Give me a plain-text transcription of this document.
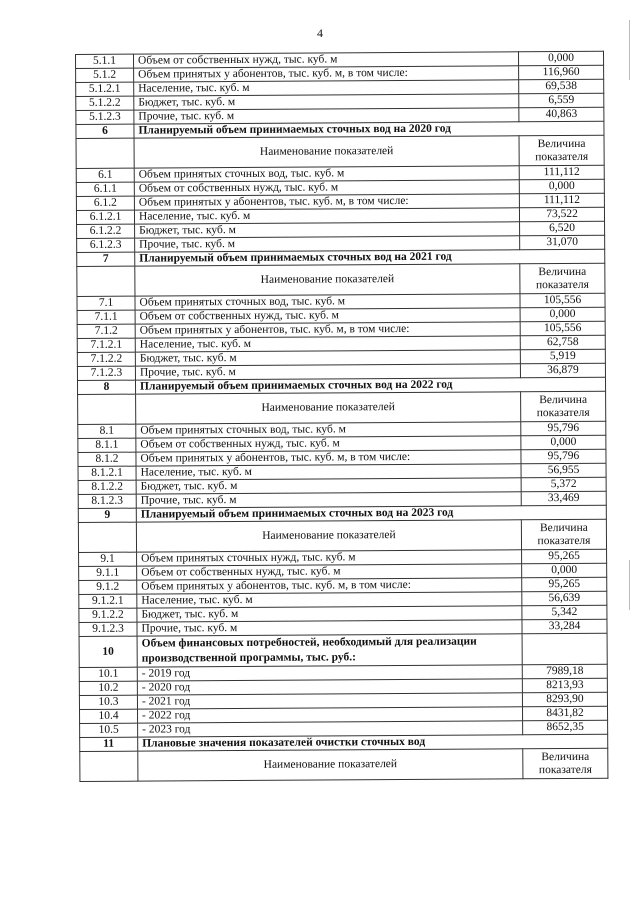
4
5.1.1	Объем от собственных нужд, тыс. куб. м	0,000
5.1.2	Объем принятых у абонентов, тыс. куб. м, в том числе:	116,960
5.1.2.1	Население, тыс. куб. м	69,538
5.1.2.2	Бюджет, тыс. куб. м	6,559
5.1.2.3	Прочие, тыс. куб. м	40,863
6	Планируемый объем принимаемых сточных вод на 2020 год	
	Наименование показателей	Величина показателя
6.1	Объем принятых сточных вод, тыс. куб. м	111,112
6.1.1	Объем от собственных нужд, тыс. куб. м	0,000
6.1.2	Объем принятых у абонентов, тыс. куб. м, в том числе:	111,112
6.1.2.1	Население, тыс. куб. м	73,522
6.1.2.2	Бюджет, тыс. куб. м	6,520
6.1.2.3	Прочие, тыс. куб. м	31,070
7	Планируемый объем принимаемых сточных вод на 2021 год	
	Наименование показателей	Величина показателя
7.1	Объем принятых сточных вод, тыс. куб. м	105,556
7.1.1	Объем от собственных нужд, тыс. куб. м	0,000
7.1.2	Объем принятых у абонентов, тыс. куб. м, в том числе:	105,556
7.1.2.1	Население, тыс. куб. м	62,758
7.1.2.2	Бюджет, тыс. куб. м	5,919
7.1.2.3	Прочие, тыс. куб. м	36,879
8	Планируемый объем принимаемых сточных вод на 2022 год	
	Наименование показателей	Величина показателя
8.1	Объем принятых сточных вод, тыс. куб. м	95,796
8.1.1	Объем от собственных нужд, тыс. куб. м	0,000
8.1.2	Объем принятых у абонентов, тыс. куб. м, в том числе:	95,796
8.1.2.1	Население, тыс. куб. м	56,955
8.1.2.2	Бюджет, тыс. куб. м	5,372
8.1.2.3	Прочие, тыс. куб. м	33,469
9	Планируемый объем принимаемых сточных вод на 2023 год	
	Наименование показателей	Величина показателя
9.1	Объем принятых сточных нужд, тыс. куб. м	95,265
9.1.1	Объем от собственных нужд, тыс. куб. м	0,000
9.1.2	Объем принятых у абонентов, тыс. куб. м, в том числе:	95,265
9.1.2.1	Население, тыс. куб. м	56,639
9.1.2.2	Бюджет, тыс. куб. м	5,342
9.1.2.3	Прочие, тыс. куб. м	33,284
10	Объем финансовых потребностей, необходимый для реализации производственной программы, тыс. руб.:	
10.1	- 2019 год	7989,18
10.2	- 2020 год	8213,93
10.3	- 2021 год	8293,90
10.4	- 2022 год	8431,82
10.5	- 2023 год	8652,35
11	Плановые значения показателей очистки сточных вод	
	Наименование показателей	Величина показателя
